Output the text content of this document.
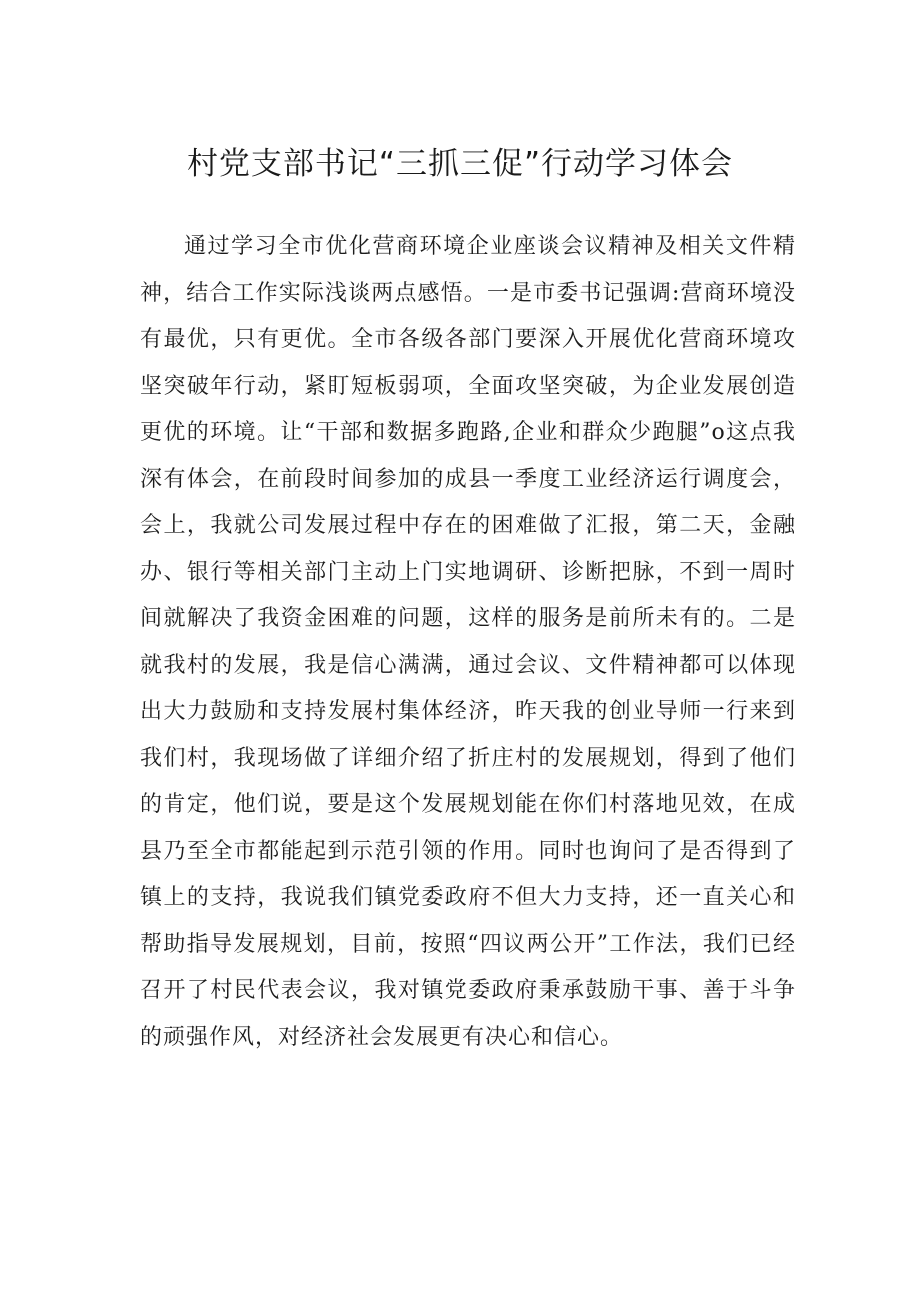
村党支部书记“三抓三促”行动学习体会

通过学习全市优化营商环境企业座谈会议精神及相关文件精神，结合工作实际浅谈两点感悟。一是市委书记强调:营商环境没有最优，只有更优。全市各级各部门要深入开展优化营商环境攻坚突破年行动，紧盯短板弱项，全面攻坚突破，为企业发展创造更优的环境。让“干部和数据多跑路,企业和群众少跑腿”o这点我深有体会，在前段时间参加的成县一季度工业经济运行调度会，会上，我就公司发展过程中存在的困难做了汇报，第二天，金融办、银行等相关部门主动上门实地调研、诊断把脉，不到一周时间就解决了我资金困难的问题，这样的服务是前所未有的。二是就我村的发展，我是信心满满，通过会议、文件精神都可以体现出大力鼓励和支持发展村集体经济，昨天我的创业导师一行来到我们村，我现场做了详细介绍了折庄村的发展规划，得到了他们的肯定，他们说，要是这个发展规划能在你们村落地见效，在成县乃至全市都能起到示范引领的作用。同时也询问了是否得到了镇上的支持，我说我们镇党委政府不但大力支持，还一直关心和帮助指导发展规划，目前，按照“四议两公开”工作法，我们已经召开了村民代表会议，我对镇党委政府秉承鼓励干事、善于斗争的顽强作风，对经济社会发展更有决心和信心。
